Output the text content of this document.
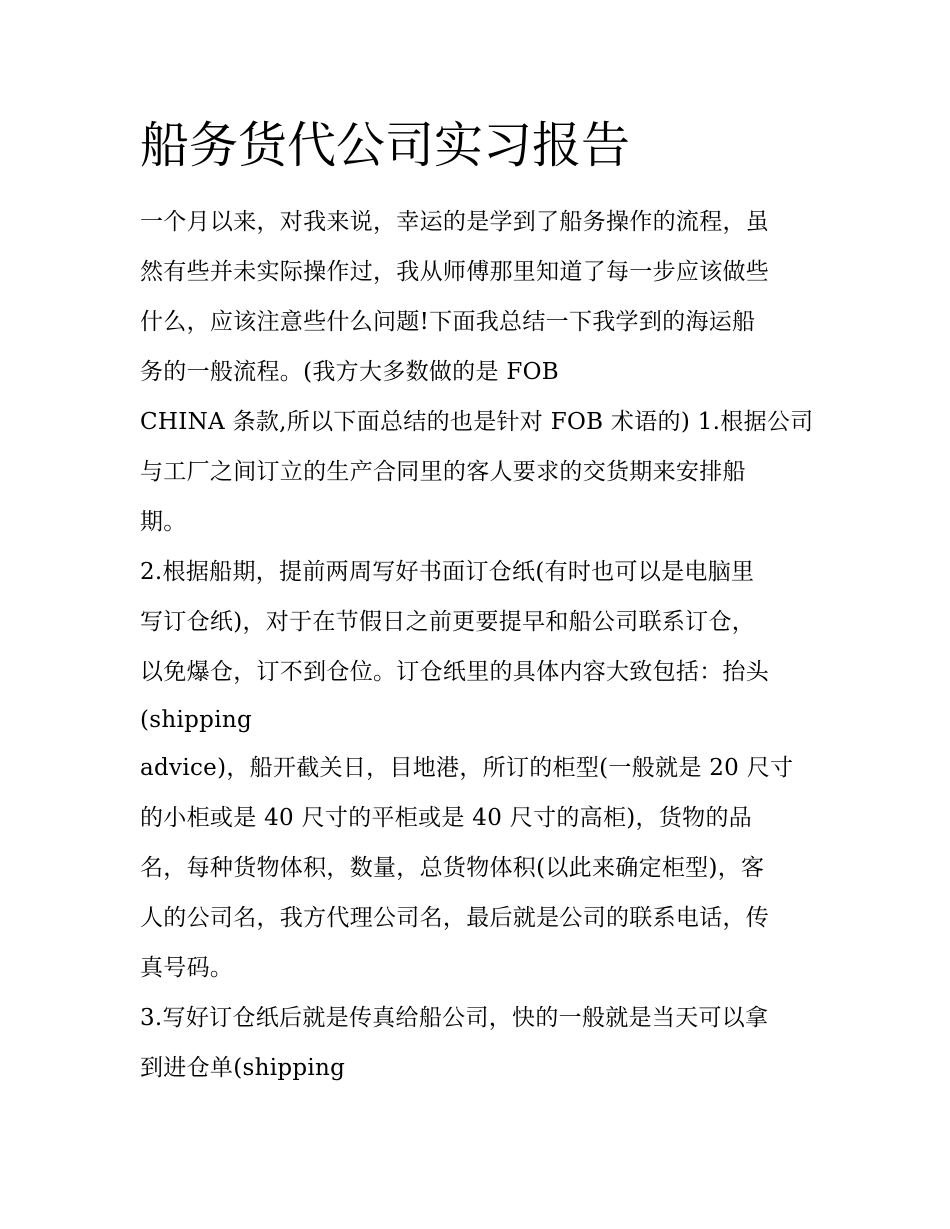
船务货代公司实习报告
一个月以来，对我来说，幸运的是学到了船务操作的流程，虽
然有些并未实际操作过，我从师傅那里知道了每一步应该做些
什么，应该注意些什么问题!下面我总结一下我学到的海运船
务的一般流程。(我方大多数做的是 FOB
CHINA 条款,所以下面总结的也是针对 FOB 术语的) 1.根据公司
与工厂之间订立的生产合同里的客人要求的交货期来安排船
期。
2.根据船期，提前两周写好书面订仓纸(有时也可以是电脑里
写订仓纸)，对于在节假日之前更要提早和船公司联系订仓，
以免爆仓，订不到仓位。订仓纸里的具体内容大致包括：抬头
(shipping
advice)，船开截关日，目地港，所订的柜型(一般就是 20 尺寸
的小柜或是 40 尺寸的平柜或是 40 尺寸的高柜)，货物的品
名，每种货物体积，数量，总货物体积(以此来确定柜型)，客
人的公司名，我方代理公司名，最后就是公司的联系电话，传
真号码。
3.写好订仓纸后就是传真给船公司，快的一般就是当天可以拿
到进仓单(shipping
